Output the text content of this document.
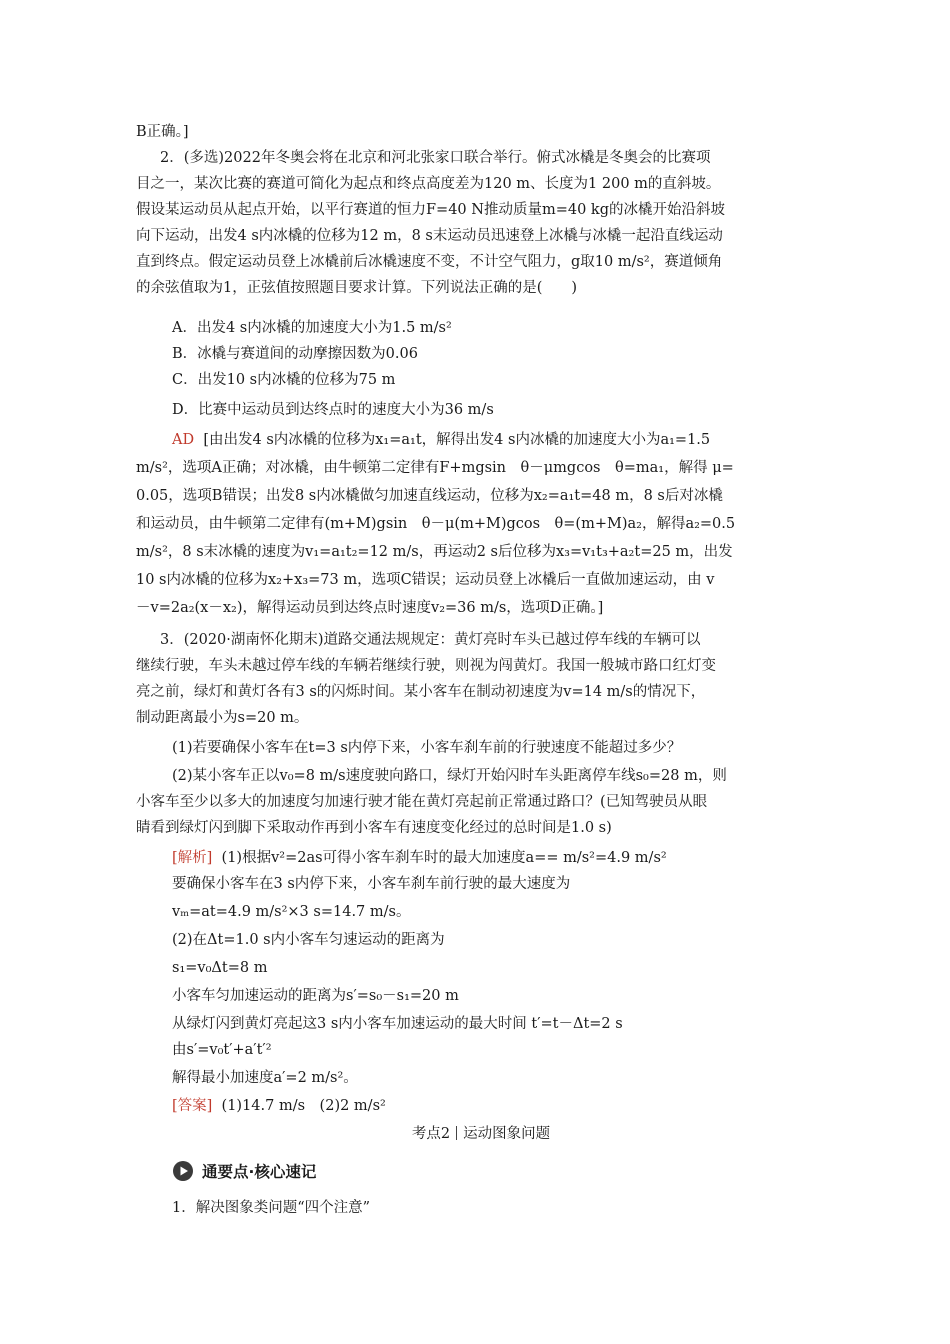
B正确。]
2．(多选)2022年冬奥会将在北京和河北张家口联合举行。俯式冰橇是冬奥会的比赛项
目之一，某次比赛的赛道可简化为起点和终点高度差为120 m、长度为1 200 m的直斜坡。
假设某运动员从起点开始，以平行赛道的恒力F=40 N推动质量m=40 kg的冰橇开始沿斜坡
向下运动，出发4 s内冰橇的位移为12 m，8 s末运动员迅速登上冰橇与冰橇一起沿直线运动
直到终点。假定运动员登上冰橇前后冰橇速度不变，不计空气阻力，g取10 m/s²，赛道倾角
的余弦值取为1，正弦值按照题目要求计算。下列说法正确的是(　　)
A．出发4 s内冰橇的加速度大小为1.5 m/s²
B．冰橇与赛道间的动摩擦因数为0.06
C．出发10 s内冰橇的位移为75 m
D．比赛中运动员到达终点时的速度大小为36 m/s
AD [由出发4 s内冰橇的位移为x₁=a₁t，解得出发4 s内冰橇的加速度大小为a₁=1.5
m/s²，选项A正确；对冰橇，由牛顿第二定律有F+mgsin　θ－μmgcos　θ=ma₁，解得 μ=
0.05，选项B错误；出发8 s内冰橇做匀加速直线运动，位移为x₂=a₁t=48 m，8 s后对冰橇
和运动员，由牛顿第二定律有(m+M)gsin　θ－μ(m+M)gcos　θ=(m+M)a₂，解得a₂=0.5
m/s²，8 s末冰橇的速度为v₁=a₁t₂=12 m/s，再运动2 s后位移为x₃=v₁t₃+a₂t=25 m，出发
10 s内冰橇的位移为x₂+x₃=73 m，选项C错误；运动员登上冰橇后一直做加速运动，由 v
－v=2a₂(x－x₂)，解得运动员到达终点时速度v₂=36 m/s，选项D正确。]
3．(2020·湖南怀化期末)道路交通法规规定：黄灯亮时车头已越过停车线的车辆可以
继续行驶，车头未越过停车线的车辆若继续行驶，则视为闯黄灯。我国一般城市路口红灯变
亮之前，绿灯和黄灯各有3 s的闪烁时间。某小客车在制动初速度为v=14 m/s的情况下，
制动距离最小为s=20 m。
(1)若要确保小客车在t=3 s内停下来，小客车刹车前的行驶速度不能超过多少？
(2)某小客车正以v₀=8 m/s速度驶向路口，绿灯开始闪时车头距离停车线s₀=28 m，则
小客车至少以多大的加速度匀加速行驶才能在黄灯亮起前正常通过路口？(已知驾驶员从眼
睛看到绿灯闪到脚下采取动作再到小客车有速度变化经过的总时间是1.0 s)
[解析] (1)根据v²=2as可得小客车刹车时的最大加速度a== m/s²=4.9 m/s²
要确保小客车在3 s内停下来，小客车刹车前行驶的最大速度为
vₘ=at=4.9 m/s²×3 s=14.7 m/s。
(2)在Δt=1.0 s内小客车匀速运动的距离为
s₁=v₀Δt=8 m
小客车匀加速运动的距离为s′=s₀－s₁=20 m
从绿灯闪到黄灯亮起这3 s内小客车加速运动的最大时间 t′=t－Δt=2 s
由s′=v₀t′+a′t′²
解得最小加速度a′=2 m/s²。
[答案] (1)14.7 m/s　(2)2 m/s²
考点2 运动图象问题
通要点·核心速记
1．解决图象类问题“四个注意”
